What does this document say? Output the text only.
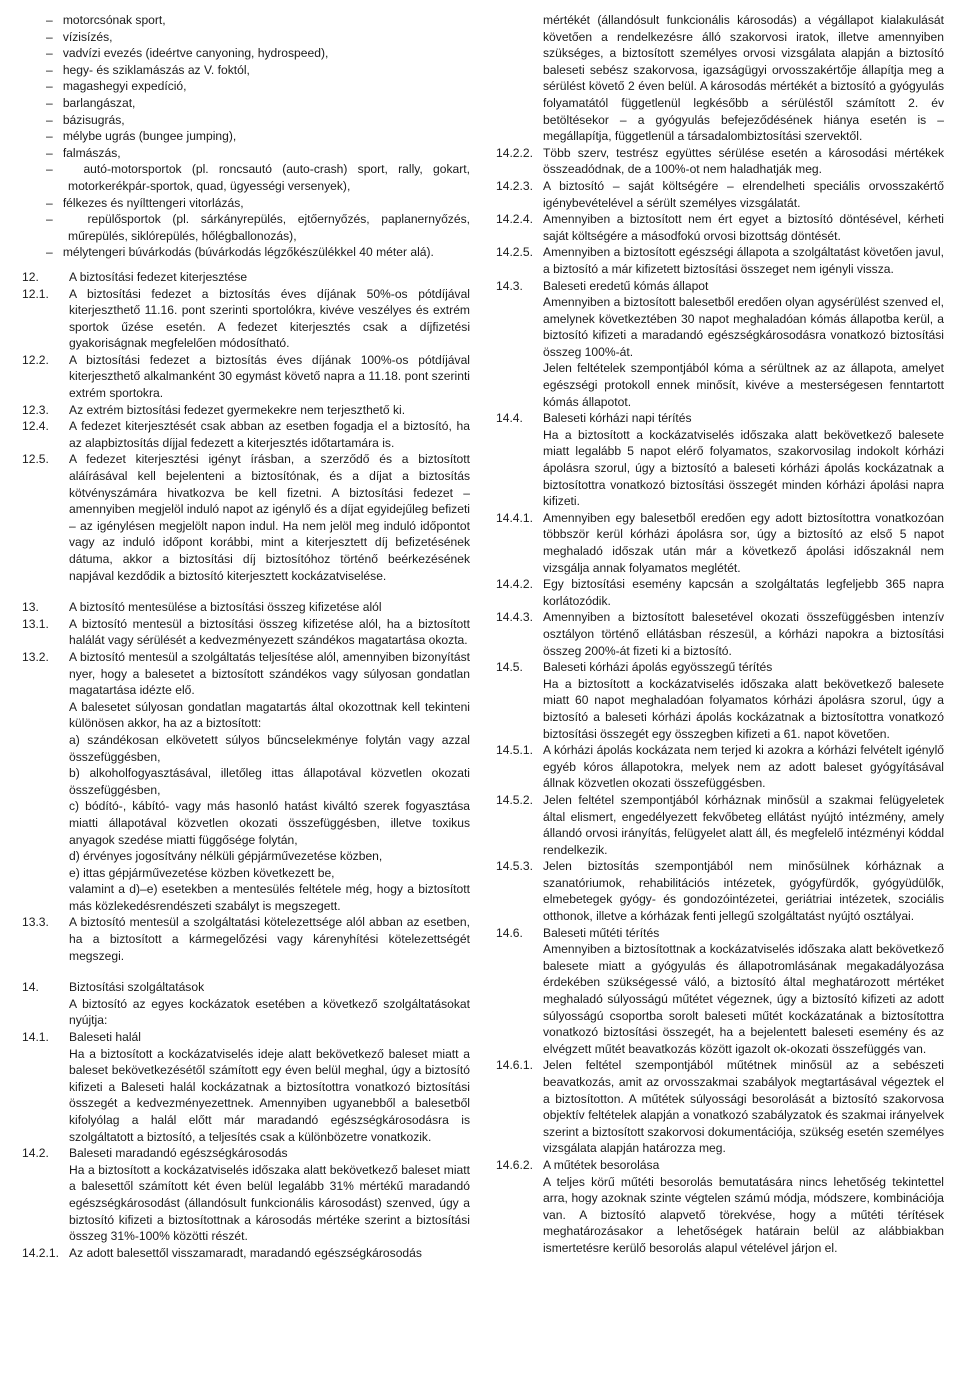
–   motorcsónak sport,
–   vízisízés,
–   vadvízi evezés (ideértve canyoning, hydrospeed),
–   hegy- és sziklamászás az V. foktól,
–   magashegyi expedíció,
–   barlangászat,
–   bázisugrás,
–   mélybe ugrás (bungee jumping),
–   falmászás,
–   autó-motorsportok (pl. roncsautó (auto-crash) sport, rally, gokart, motorkerékpár-sportok, quad, ügyességi versenyek),
–   félkezes és nyílttengeri vitorlázás,
–   repülősportok (pl. sárkányrepülés, ejtőernyőzés, paplanernyőzés, műrepülés, siklórepülés, hőlégballonozás),
–   mélytengeri búvárkodás (búvárkodás légzőkészülékkel 40 méter alá).
12. A biztosítási fedezet kiterjesztése
12.1. A biztosítási fedezet a biztosítás éves díjának 50%-os pótdíjával kiterjeszthető 11.16. pont szerinti sportolókra, kivéve veszélyes és extrém sportok űzése esetén. A fedezet kiterjesztés csak a díjfizetési gyakoriságnak megfelelően módosítható.
12.2. A biztosítási fedezet a biztosítás éves díjának 100%-os pótdíjával kiterjeszthető alkalmanként 30 egymást követő napra a 11.18. pont szerinti extrém sportokra.
12.3. Az extrém biztosítási fedezet gyermekekre nem terjeszthető ki.
12.4. A fedezet kiterjesztését csak abban az esetben fogadja el a biztosító, ha az alapbiztosítás díjjal fedezett a kiterjesztés időtartamára is.
12.5. A fedezet kiterjesztési igényt írásban, a szerződő és a biztosított aláírásával kell bejelenteni a biztosítónak, és a díjat a biztosítás kötvényszámára hivatkozva be kell fizetni. A biztosítási fedezet – amennyiben megjelöl induló napot az igénylő és a díjat egyidejűleg befizeti – az igénylésen megjelölt napon indul. Ha nem jelöl meg induló időpontot vagy az induló időpont korábbi, mint a kiterjesztett díj befizetésének dátuma, akkor a biztosítási díj biztosítóhoz történő beérkezésének napjával kezdődik a biztosító kiterjesztett kockázatviselése.
13. A biztosító mentesülése a biztosítási összeg kifizetése alól
13.1. A biztosító mentesül a biztosítási összeg kifizetése alól, ha a biztosított halálát vagy sérülését a kedvezményezett szándékos magatartása okozta.
13.2. A biztosító mentesül a szolgáltatás teljesítése alól, amennyiben bizonyítást nyer, hogy a balesetet a biztosított szándékos vagy súlyosan gondatlan magatartása idézte elő.
A balesetet súlyosan gondatlan magatartás által okozottnak kell tekinteni különösen akkor, ha az a biztosított:
a) szándékosan elkövetett súlyos bűncselekménye folytán vagy azzal összefüggésben,
b) alkoholfogyasztásával, illetőleg ittas állapotával közvetlen okozati összefüggésben,
c) bódító-, kábító- vagy más hasonló hatást kiváltó szerek fogyasztása miatti állapotával közvetlen okozati összefüggésben, illetve toxikus anyagok szedése miatti függősége folytán,
d) érvényes jogosítvány nélküli gépjárművezetése közben,
e) ittas gépjárművezetése közben következett be,
valamint a d)–e) esetekben a mentesülés feltétele még, hogy a biztosított más közlekedésrendészeti szabályt is megszegett.
13.3. A biztosító mentesül a szolgáltatási kötelezettsége alól abban az esetben, ha a biztosított a kármegelőzési vagy kárenyhítési kötelezettségét megszegi.
14. Biztosítási szolgáltatások
A biztosító az egyes kockázatok esetében a következő szolgáltatásokat nyújtja:
14.1. Baleseti halál
Ha a biztosított a kockázatviselés ideje alatt bekövetkező baleset miatt a baleset bekövetkezésétől számított egy éven belül meghal, úgy a biztosító kifizeti a Baleseti halál kockázatnak a biztosítottra vonatkozó biztosítási összegét a kedvezményezettnek. Amennyiben ugyanebből a balesetből kifolyólag a halál előtt már maradandó egészségkárosodásra is szolgáltatott a biztosító, a teljesítés csak a különbözetre vonatkozik.
14.2. Baleseti maradandó egészségkárosodás
Ha a biztosított a kockázatviselés időszaka alatt bekövetkező baleset miatt a balesettől számított két éven belül legalább 31% mértékű maradandó egészségkárosodást (állandósult funkcionális károsodást) szenved, úgy a biztosító kifizeti a biztosítottnak a károsodás mértéke szerint a biztosítási összeg 31%-100% közötti részét.
14.2.1. Az adott balesettől visszamaradt, maradandó egészségkárosodás
mértékét (állandósult funkcionális károsodás) a végállapot kialakulását követően a rendelkezésre álló szakorvosi iratok, illetve amennyiben szükséges, a biztosított személyes orvosi vizsgálata alapján a biztosító baleseti sebész szakorvosa, igazságügyi orvosszakértője állapítja meg a sérülést követő 2 éven belül. A károsodás mértékét a biztosító a gyógyulás folyamatától függetlenül legkésőbb a sérüléstől számított 2. év betöltésekor – a gyógyulás befejeződésének hiánya esetén is – megállapítja, függetlenül a társadalombiztosítási szervektől.
14.2.2. Több szerv, testrész együttes sérülése esetén a károsodási mértékek összeadódnak, de a 100%-ot nem haladhatják meg.
14.2.3. A biztosító – saját költségére – elrendelheti speciális orvosszakértő igénybevételével a sérült személyes vizsgálatát.
14.2.4. Amennyiben a biztosított nem ért egyet a biztosító döntésével, kérheti saját költségére a másodfokú orvosi bizottság döntését.
14.2.5. Amennyiben a biztosított egészségi állapota a szolgáltatást követően javul, a biztosító a már kifizetett biztosítási összeget nem igényli vissza.
14.3. Baleseti eredetű kómás állapot
Amennyiben a biztosított balesetből eredően olyan agysérülést szenved el, amelynek következtében 30 napot meghaladóan kómás állapotba kerül, a biztosító kifizeti a maradandó egészségkárosodásra vonatkozó biztosítási összeg 100%-át.
Jelen feltételek szempontjából kóma a sérültnek az az állapota, amelyet egészségi protokoll ennek minősít, kivéve a mesterségesen fenntartott kómás állapotot.
14.4. Baleseti kórházi napi térítés
Ha a biztosított a kockázatviselés időszaka alatt bekövetkező balesete miatt legalább 5 napot elérő folyamatos, szakorvosilag indokolt kórházi ápolásra szorul, úgy a biztosító a baleseti kórházi ápolás kockázatnak a biztosítottra vonatkozó biztosítási összegét minden kórházi ápolási napra kifizeti.
14.4.1. Amennyiben egy balesetből eredően egy adott biztosítottra vonatkozóan többször kerül kórházi ápolásra sor, úgy a biztosító az első 5 napot meghaladó időszak után már a következő ápolási időszaknál nem vizsgálja annak folyamatos meglétét.
14.4.2. Egy biztosítási esemény kapcsán a szolgáltatás legfeljebb 365 napra korlátozódik.
14.4.3. Amennyiben a biztosított balesetével okozati összefüggésben intenzív osztályon történő ellátásban részesül, a kórházi napokra a biztosítási összeg 200%-át fizeti ki a biztosító.
14.5. Baleseti kórházi ápolás egyösszegű térítés
Ha a biztosított a kockázatviselés időszaka alatt bekövetkező balesete miatt 60 napot meghaladóan folyamatos kórházi ápolásra szorul, úgy a biztosító a baleseti kórházi ápolás kockázatnak a biztosítottra vonatkozó biztosítási összegét egy összegben kifizeti a 61. napot követően.
14.5.1. A kórházi ápolás kockázata nem terjed ki azokra a kórházi felvételt igénylő egyéb kóros állapotokra, melyek nem az adott baleset gyógyításával állnak közvetlen okozati összefüggésben.
14.5.2. Jelen feltétel szempontjából kórháznak minősül a szakmai felügyeletek által elismert, engedélyezett fekvőbeteg ellátást nyújtó intézmény, amely állandó orvosi irányítás, felügyelet alatt áll, és megfelelő intézményi kóddal rendelkezik.
14.5.3. Jelen biztosítás szempontjából nem minősülnek kórháznak a szanatóriumok, rehabilitációs intézetek, gyógyfürdők, gyógyüdülők, elmebetegek gyógy- és gondozóintézetei, geriátriai intézetek, szociális otthonok, illetve a kórházak fenti jellegű szolgáltatást nyújtó osztályai.
14.6. Baleseti műtéti térítés
Amennyiben a biztosítottnak a kockázatviselés időszaka alatt bekövetkező balesete miatt a gyógyulás és állapotromlásának megakadályozása érdekében szükségessé váló, a biztosító által meghatározott mértéket meghaladó súlyosságú műtétet végeznek, úgy a biztosító kifizeti az adott súlyosságú csoportba sorolt baleseti műtét kockázatának a biztosítottra vonatkozó biztosítási összegét, ha a bejelentett baleseti esemény és az elvégzett műtét beavatkozás között igazolt ok-okozati összefüggés van.
14.6.1. Jelen feltétel szempontjából műtétnek minősül az a sebészeti beavatkozás, amit az orvosszakmai szabályok megtartásával végeztek el a biztosítotton. A műtétek súlyossági besorolását a biztosító szakorvosa objektív feltételek alapján a vonatkozó szabályzatok és szakmai irányelvek szerint a biztosított szakorvosi dokumentációja, szükség esetén személyes vizsgálata alapján határozza meg.
14.6.2. A műtétek besorolása
A teljes körű műtéti besorolás bemutatására nincs lehetőség tekintettel arra, hogy azoknak szinte végtelen számú módja, módszere, kombinációja van. A biztosító alapvető törekvése, hogy a műtéti térítések meghatározásakor a lehetőségek határain belül az alábbiakban ismertetésre kerülő besorolás alapul vételével járjon el.
